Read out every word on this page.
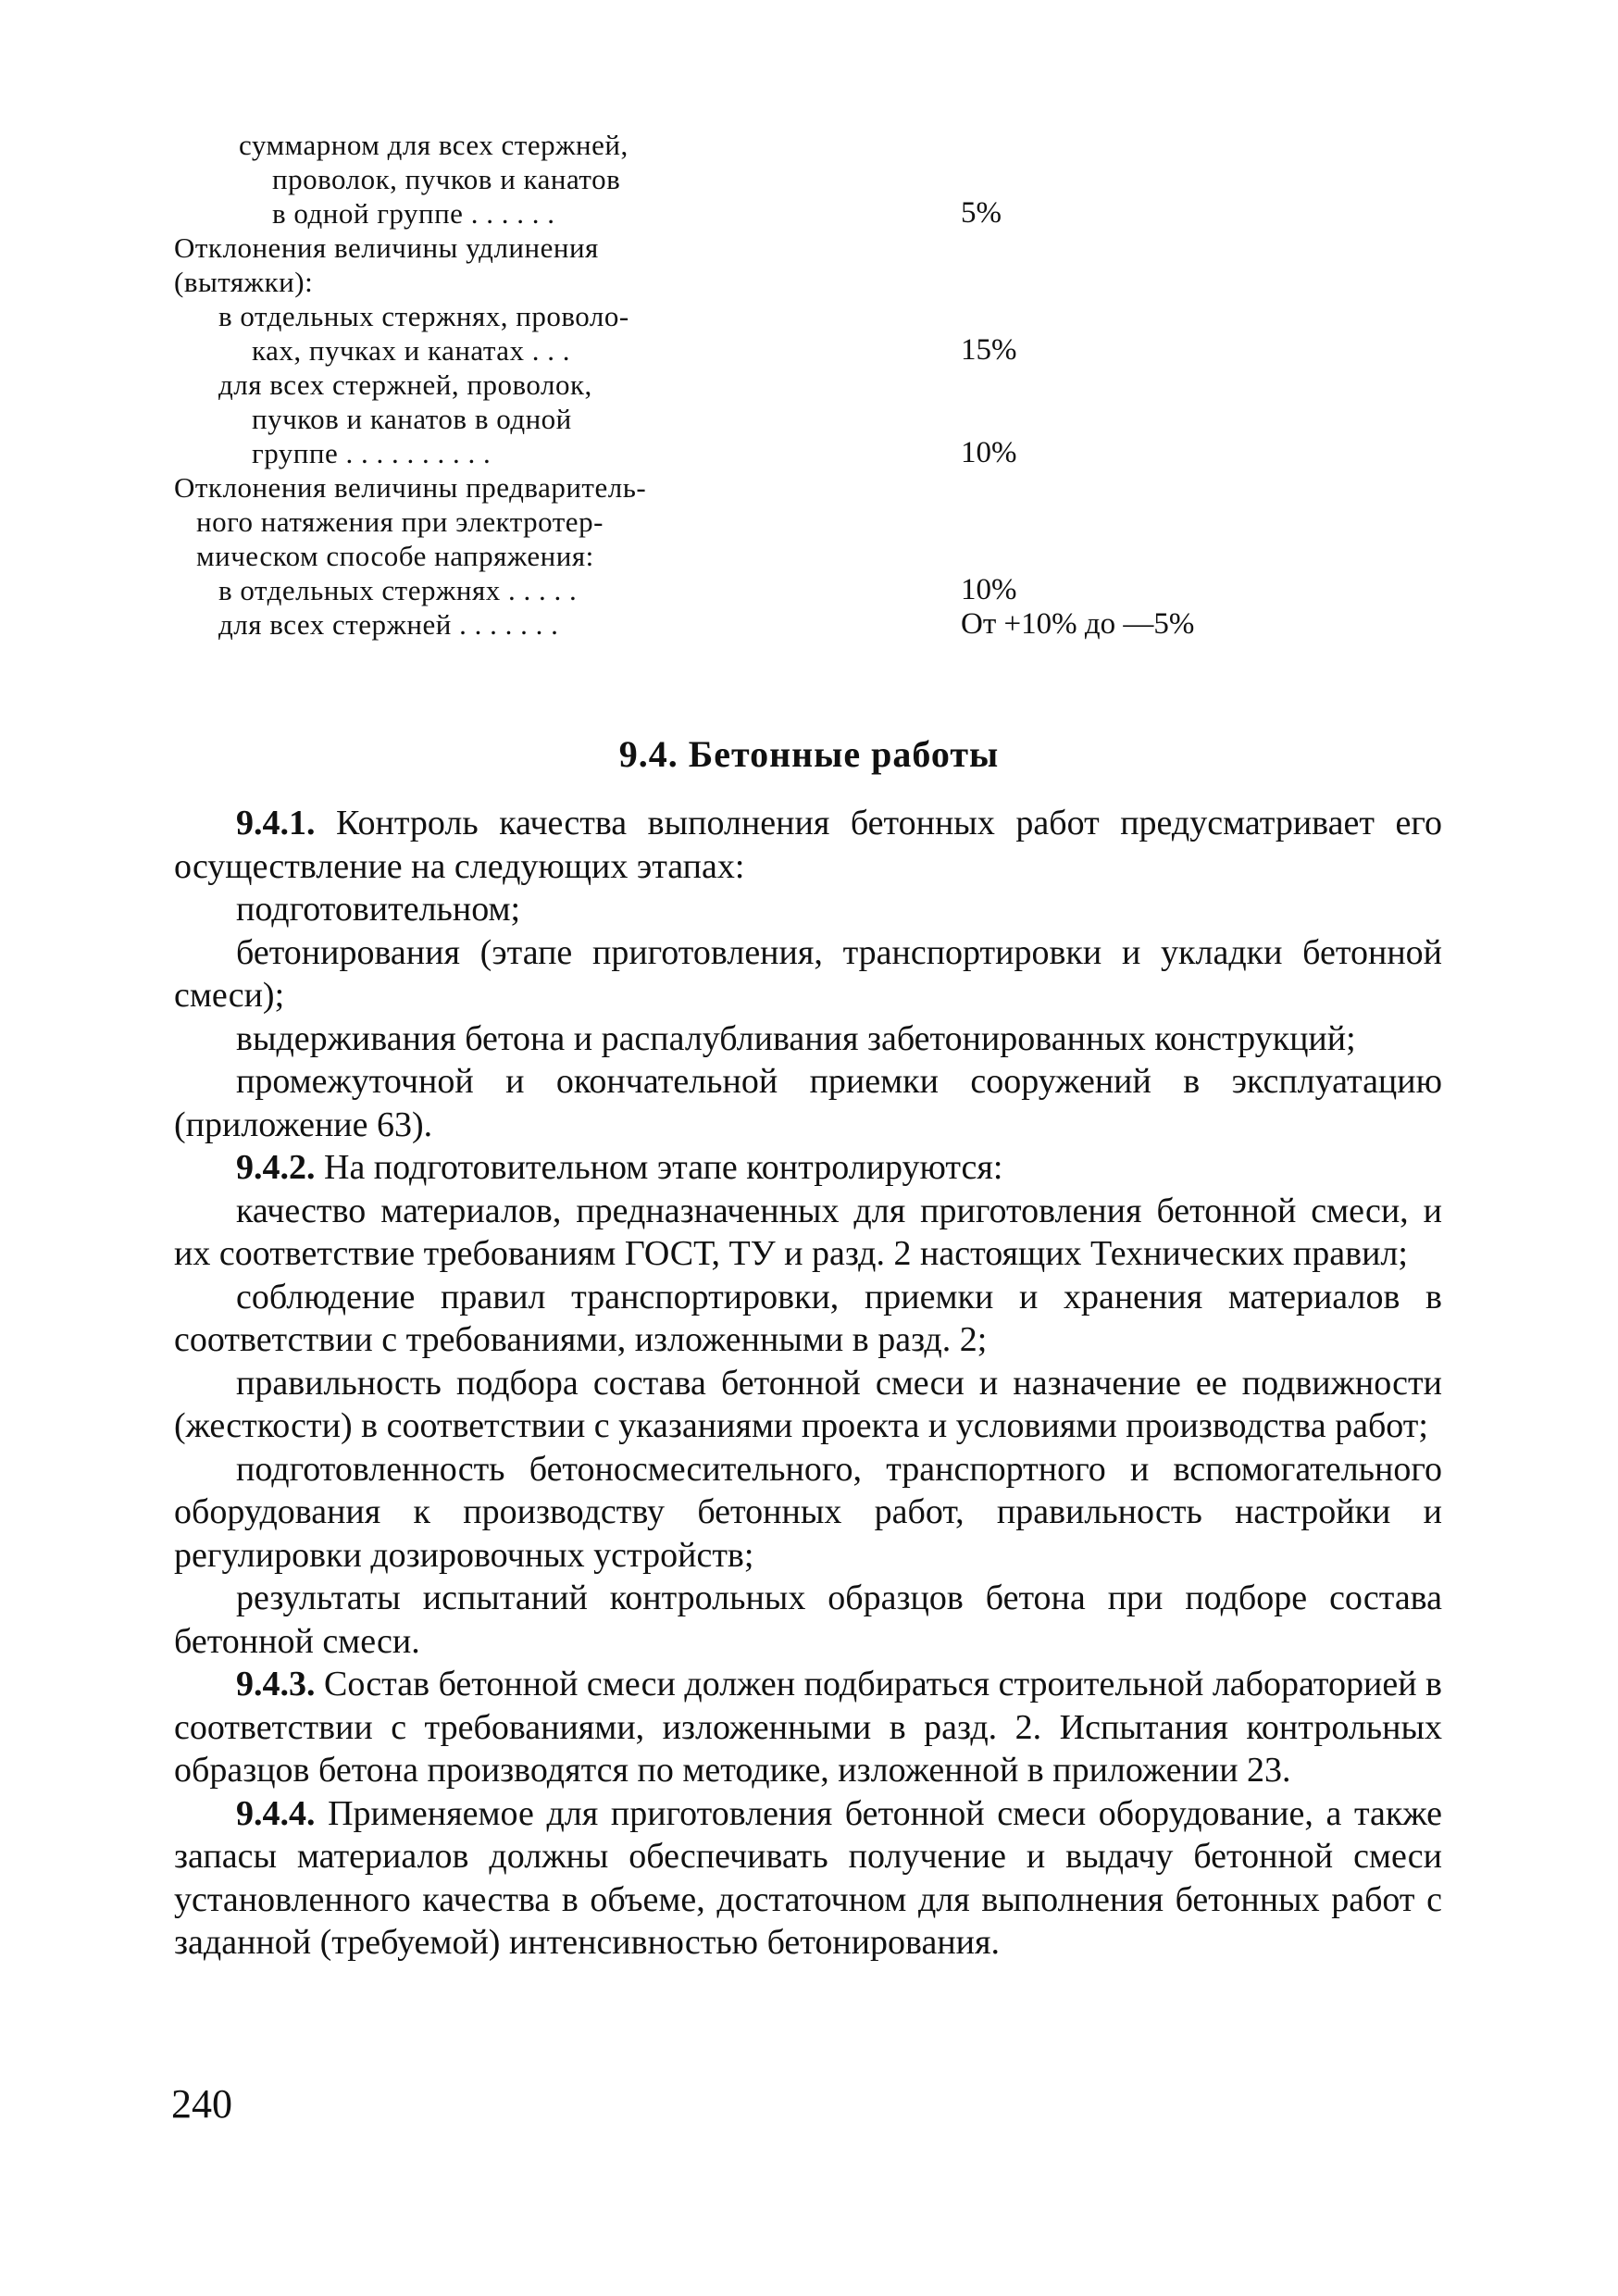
суммарном для всех стержней,
проволок, пучков и канатов
в одной группе . . . . . .	5%
Отклонения величины удлинения
(вытяжки):
в отдельных стержнях, проволо-
ках, пучках и канатах . . .	15%
для всех стержней, проволок,
пучков и канатов в одной
группе . . . . . . . . . .	10%
Отклонения величины предваритель-
ного натяжения при электротер-
мическом способе напряжения:
в отдельных стержнях . . . . .	10%
для всех стержней . . . . . . .	От +10% до —5%
9.4. Бетонные работы

9.4.1. Контроль качества выполнения бетонных работ предусматривает его осуществление на следующих этапах:

подготовительном;

бетонирования (этапе приготовления, транспортировки и укладки бетонной смеси);

выдерживания бетона и распалубливания забетонированных конструкций;

промежуточной и окончательной приемки сооружений в эксплуатацию (приложение 63).

9.4.2. На подготовительном этапе контролируются:

качество материалов, предназначенных для приготовления бетонной смеси, и их соответствие требованиям ГОСТ, ТУ и разд. 2 настоящих Технических правил;

соблюдение правил транспортировки, приемки и хранения материалов в соответствии с требованиями, изложенными в разд. 2;

правильность подбора состава бетонной смеси и назначение ее подвижности (жесткости) в соответствии с указаниями проекта и условиями производства работ;

подготовленность бетоносмесительного, транспортного и вспомогательного оборудования к производству бетонных работ, правильность настройки и регулировки дозировочных устройств;

результаты испытаний контрольных образцов бетона при подборе состава бетонной смеси.

9.4.3. Состав бетонной смеси должен подбираться строительной лабораторией в соответствии с требованиями, изложенными в разд. 2. Испытания контрольных образцов бетона производятся по методике, изложенной в приложении 23.

9.4.4. Применяемое для приготовления бетонной смеси оборудование, а также запасы материалов должны обеспечивать получение и выдачу бетонной смеси установленного качества в объеме, достаточном для выполнения бетонных работ с заданной (требуемой) интенсивностью бетонирования.

240
